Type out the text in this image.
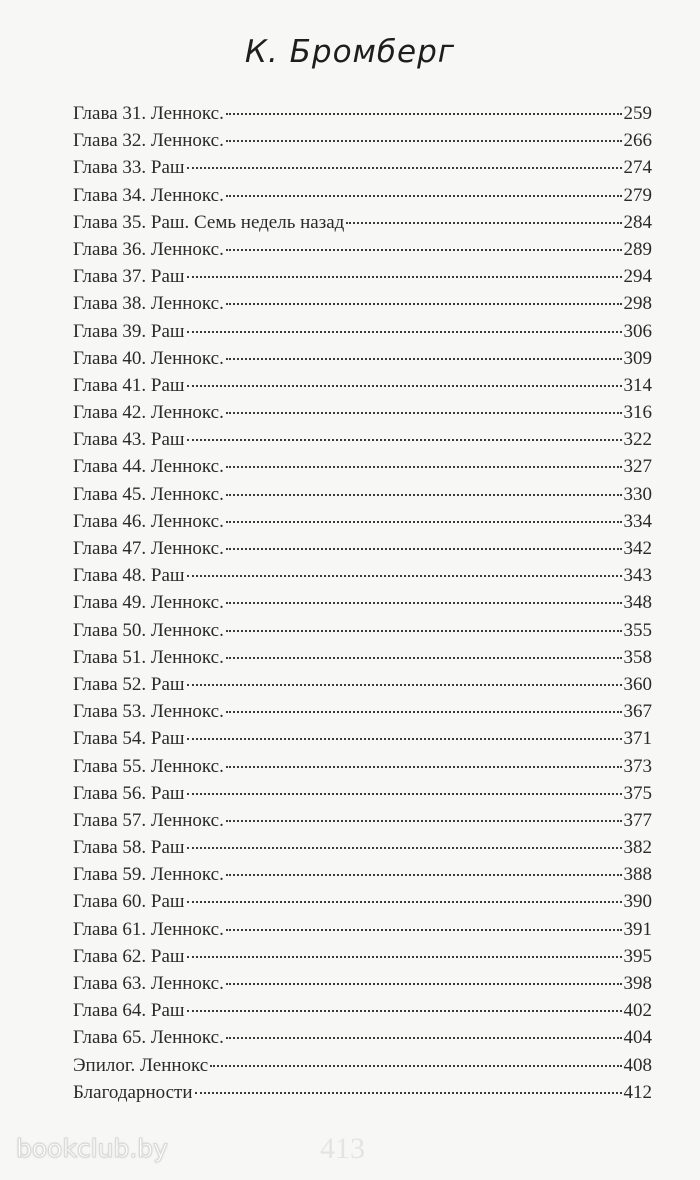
К. Бромберг
Глава 31. Леннокс.	259
Глава 32. Леннокс.	266
Глава 33. Раш	274
Глава 34. Леннокс.	279
Глава 35. Раш. Семь недель назад	284
Глава 36. Леннокс.	289
Глава 37. Раш	294
Глава 38. Леннокс.	298
Глава 39. Раш	306
Глава 40. Леннокс.	309
Глава 41. Раш	314
Глава 42. Леннокс.	316
Глава 43. Раш	322
Глава 44. Леннокс.	327
Глава 45. Леннокс.	330
Глава 46. Леннокс.	334
Глава 47. Леннокс.	342
Глава 48. Раш	343
Глава 49. Леннокс.	348
Глава 50. Леннокс.	355
Глава 51. Леннокс.	358
Глава 52. Раш	360
Глава 53. Леннокс.	367
Глава 54. Раш	371
Глава 55. Леннокс.	373
Глава 56. Раш	375
Глава 57. Леннокс.	377
Глава 58. Раш	382
Глава 59. Леннокс.	388
Глава 60. Раш	390
Глава 61. Леннокс.	391
Глава 62. Раш	395
Глава 63. Леннокс.	398
Глава 64. Раш	402
Глава 65. Леннокс.	404
Эпилог. Леннокс	408
Благодарности	412
413
bookclub.by
